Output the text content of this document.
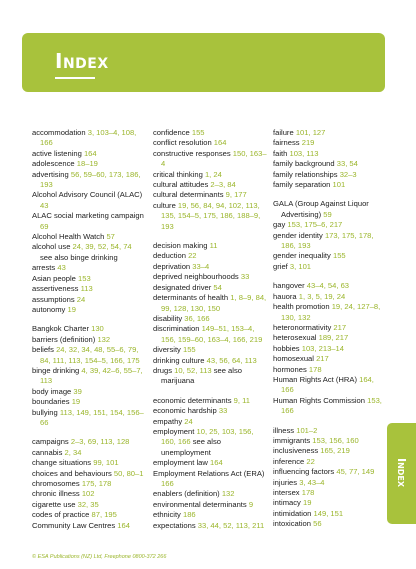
Index
accommodation 3, 103–4, 108, 166
active listening 164
adolescence 18–19
advertising 56, 59–60, 173, 186, 193
Alcohol Advisory Council (ALAC) 43
ALAC social marketing campaign 69
Alcohol Health Watch 57
alcohol use 24, 39, 52, 54, 74 see also binge drinking
arrests 43
Asian people 153
assertiveness 113
assumptions 24
autonomy 19
Bangkok Charter 130
barriers (definition) 132
beliefs 24, 32, 34, 48, 55–6, 79, 84, 111, 113, 154–5, 166, 175
binge drinking 4, 39, 42–6, 55–7, 113
body image 39
boundaries 19
bullying 113, 149, 151, 154, 156–66
campaigns 2–3, 69, 113, 128
cannabis 2, 34
change situations 99, 101
choices and behaviours 50, 80–1
chromosomes 175, 178
chronic illness 102
cigarette use 32, 35
codes of practice 87, 195
Community Law Centres 164
confidence 155
conflict resolution 164
constructive responses 150, 163–4
critical thinking 1, 24
cultural attitudes 2–3, 84
cultural determinants 9, 177
culture 19, 56, 84, 94, 102, 113, 135, 154–5, 175, 186, 188–9, 193
decision making 11
deduction 22
deprivation 33–4
deprived neighbourhoods 33
designated driver 54
determinants of health 1, 8–9, 84, 99, 128, 130, 150
disability 36, 166
discrimination 149–51, 153–4, 156, 159–60, 163–4, 166, 219
diversity 155
drinking culture 43, 56, 64, 113
drugs 10, 52, 113 see also marijuana
economic determinants 9, 11
economic hardship 33
empathy 24
employment 10, 25, 103, 156, 160, 166 see also unemployment
employment law 164
Employment Relations Act (ERA) 166
enablers (definition) 132
environmental determinants 9
ethnicity 186
expectations 33, 44, 52, 113, 211
failure 101, 127
fairness 219
faith 103, 113
family background 33, 54
family relationships 32–3
family separation 101
GALA (Group Against Liquor Advertising) 59
gay 153, 175–6, 217
gender identity 173, 175, 178, 186, 193
gender inequality 155
grief 3, 101
hangover 43–4, 54, 63
hauora 1, 3, 5, 19, 24
health promotion 19, 24, 127–8, 130, 132
heteronormativity 217
heterosexual 189, 217
hobbies 103, 213–14
homosexual 217
hormones 178
Human Rights Act (HRA) 164, 166
Human Rights Commission 153, 166
illness 101–2
immigrants 153, 156, 160
inclusiveness 165, 219
inference 22
influencing factors 45, 77, 149
injuries 3, 43–4
intersex 178
intimacy 19
intimidation 149, 151
intoxication 56
Index
© ESA Publications (NZ) Ltd, Freephone 0800-372 266
